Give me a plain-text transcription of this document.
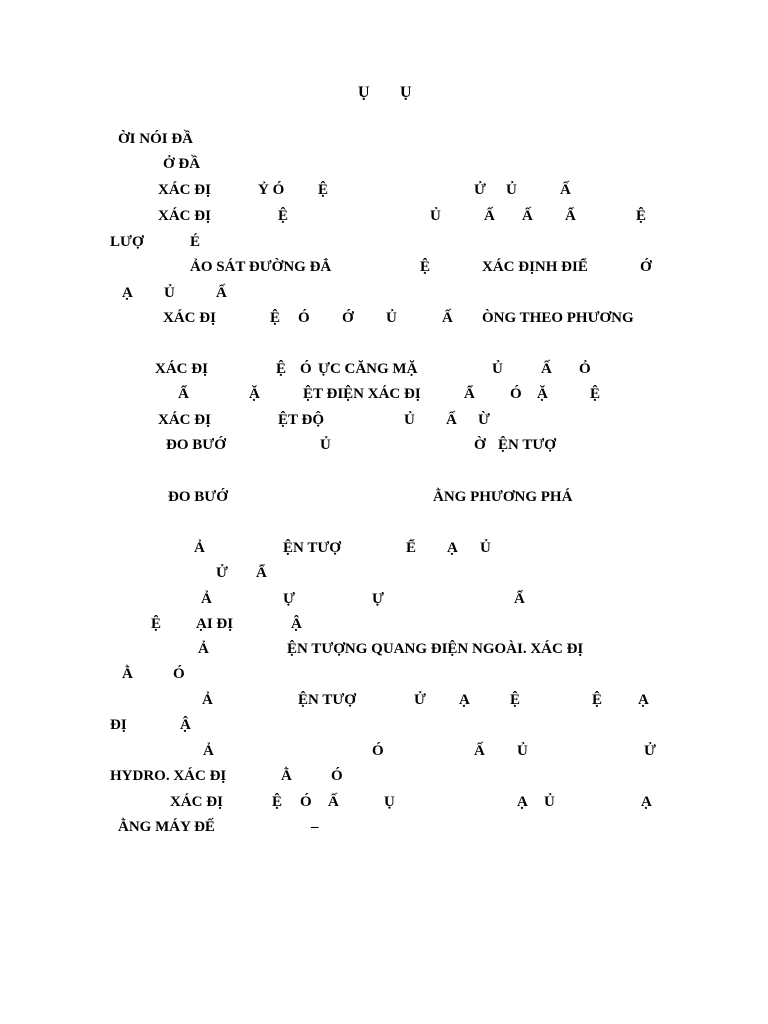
Ụ Ụ
ỜI NÓI ĐẦ
Ở ĐẦ
XÁC ĐỊ	Ỷ Ó Ệ	Ử Ủ	Ấ
XÁC ĐỊ	Ệ	Ủ	Ấ Ấ Ẩ	Ệ
LƯỢ	É
ẢO SÁT ĐƯỜNG ĐẲ	Ệ	XÁC ĐỊNH ĐIỂ	Ớ
Ạ Ủ	Ấ
XÁC ĐỊ	Ệ Ó Ớ Ủ	Ấ ÒNG THEO PHƯƠNG
XÁC ĐỊ	Ệ Ó ỰC CĂNG MẶ	Ủ	Ấ Ỏ
Ẩ	Ặ	ỆT ĐIỆN XÁC ĐỊ	Ẩ Ó Ặ	Ệ
XÁC ĐỊ	ỆT ĐỘ	Ủ Ấ Ừ
ĐO BƯỚ	Ủ	Ờ ỆN TƯỢ
ĐO BƯỚ	ẰNG PHƯƠNG PHÁ
Ả	ỆN TƯỢ	Ể Ạ Ủ
Ử Ẩ
Ả	Ự	Ự	Ẩ
Ệ ẠI ĐỊ	Ậ
Ả	ỆN TƯỢNG QUANG ĐIỆN NGOÀI. XÁC ĐỊ
Ằ	Ó
Ả	ỆN TƯỢ	Ử Ạ	Ệ	Ệ Ạ
ĐỊ	Ậ
Ả	Ó	Ấ Ủ	Ử
HYDRO. XÁC ĐỊ	Ằ	Ó
XÁC ĐỊ	Ệ Ó Ấ	Ụ	Ạ Ủ	Ạ
ẰNG MÁY ĐẾ	–
